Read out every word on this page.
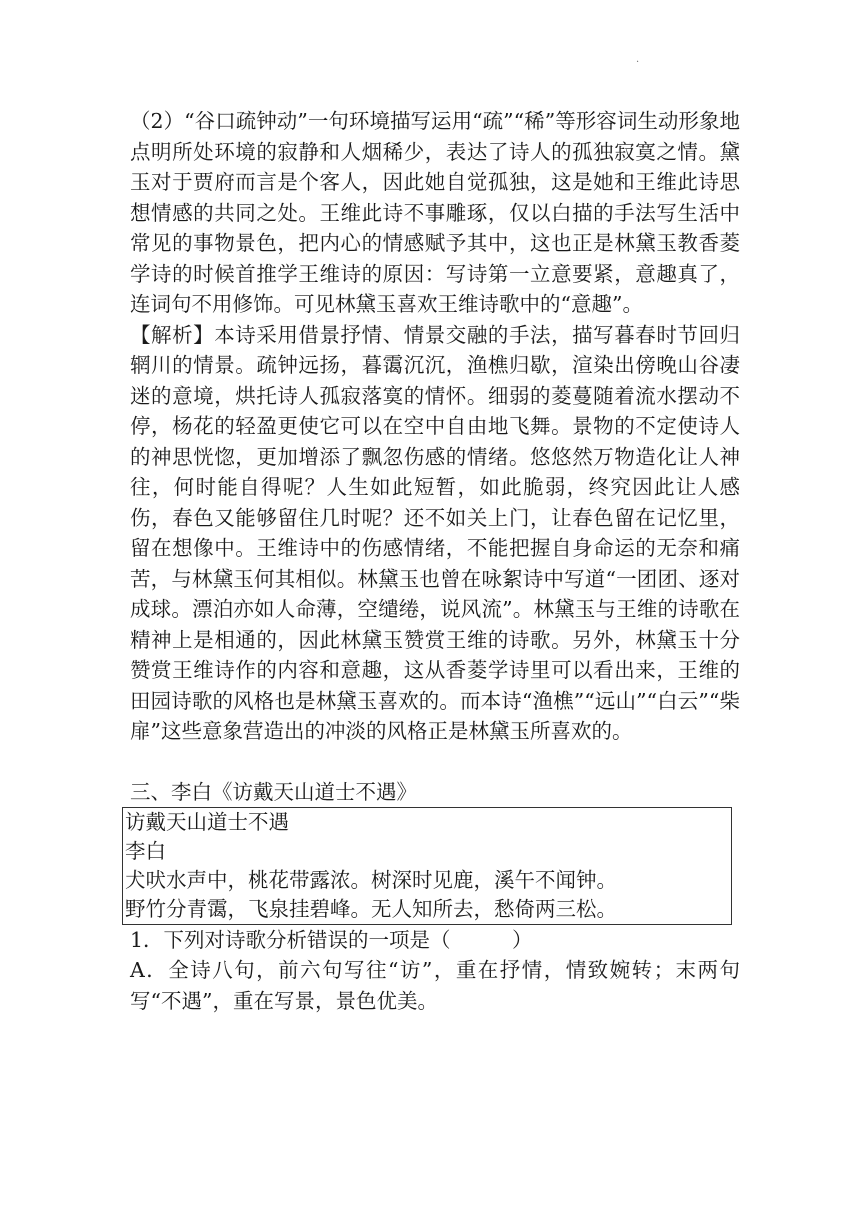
·

（2）“谷口疏钟动”一句环境描写运用“疏”“稀”等形容词生动形象地点明所处环境的寂静和人烟稀少，表达了诗人的孤独寂寞之情。黛玉对于贾府而言是个客人，因此她自觉孤独，这是她和王维此诗思想情感的共同之处。王维此诗不事雕琢，仅以白描的手法写生活中常见的事物景色，把内心的情感赋予其中，这也正是林黛玉教香菱学诗的时候首推学王维诗的原因：写诗第一立意要紧，意趣真了，连词句不用修饰。可见林黛玉喜欢王维诗歌中的“意趣”。

【解析】本诗采用借景抒情、情景交融的手法，描写暮春时节回归辋川的情景。疏钟远扬，暮霭沉沉，渔樵归歇，渲染出傍晚山谷凄迷的意境，烘托诗人孤寂落寞的情怀。细弱的菱蔓随着流水摆动不停，杨花的轻盈更使它可以在空中自由地飞舞。景物的不定使诗人的神思恍惚，更加增添了飘忽伤感的情绪。悠悠然万物造化让人神往，何时能自得呢？人生如此短暂，如此脆弱，终究因此让人感伤，春色又能够留住几时呢？还不如关上门，让春色留在记忆里，留在想像中。王维诗中的伤感情绪，不能把握自身命运的无奈和痛苦，与林黛玉何其相似。林黛玉也曾在咏絮诗中写道“一团团、逐对成球。漂泊亦如人命薄，空缱绻，说风流”。林黛玉与王维的诗歌在精神上是相通的，因此林黛玉赞赏王维的诗歌。另外，林黛玉十分赞赏王维诗作的内容和意趣，这从香菱学诗里可以看出来，王维的田园诗歌的风格也是林黛玉喜欢的。而本诗“渔樵”“远山”“白云”“柴扉”这些意象营造出的冲淡的风格正是林黛玉所喜欢的。

三、李白《访戴天山道士不遇》

访戴天山道士不遇

李白

犬吠水声中，桃花带露浓。树深时见鹿，溪午不闻钟。

野竹分青霭，飞泉挂碧峰。无人知所去，愁倚两三松。

1．下列对诗歌分析错误的一项是（　　　）

A．全诗八句，前六句写往“访”，重在抒情，情致婉转；末两句写“不遇”，重在写景，景色优美。
